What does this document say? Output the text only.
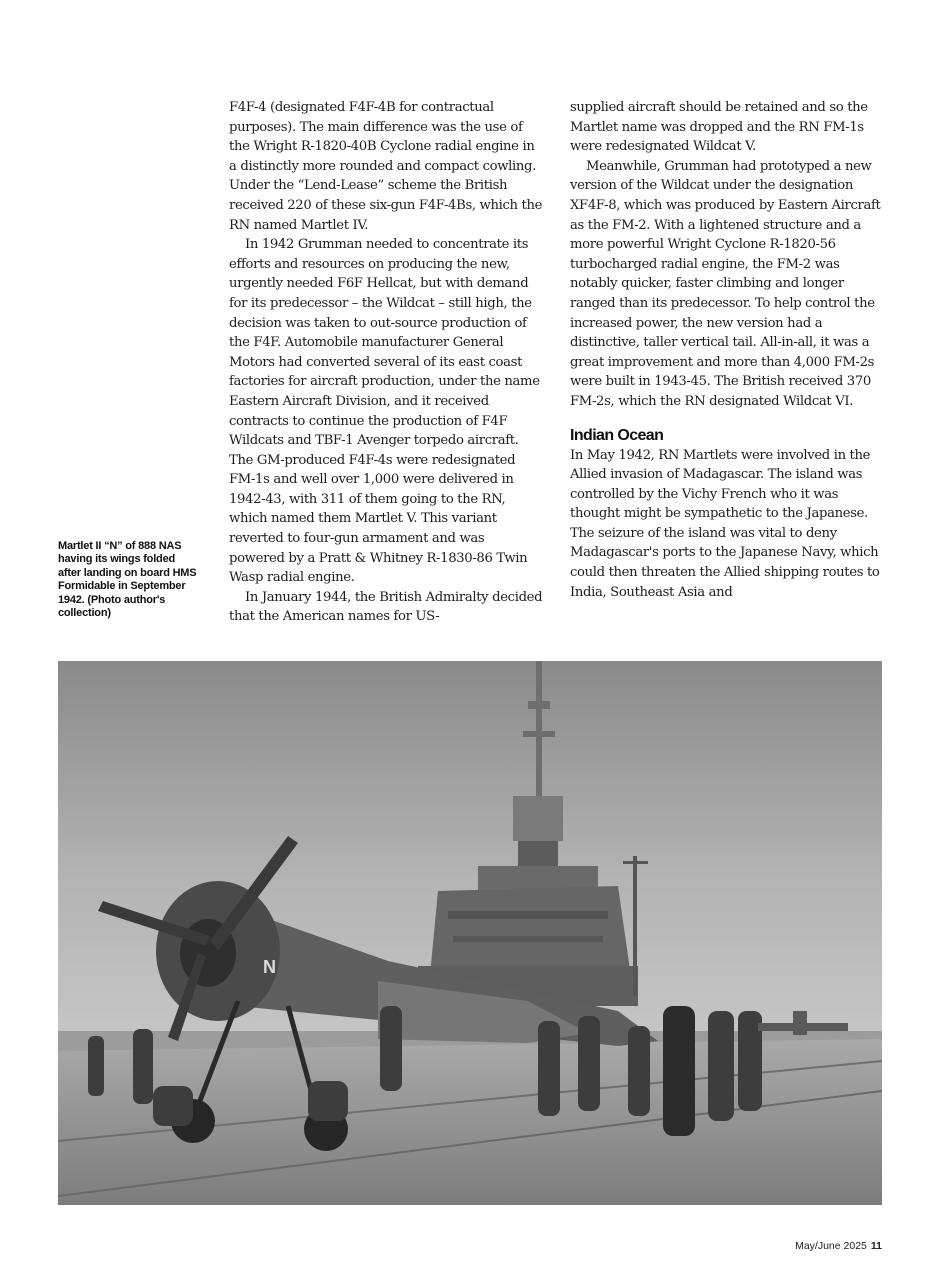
Martlet II “N” of 888 NAS having its wings folded after landing on board HMS Formidable in September 1942. (Photo author's collection)

F4F-4 (designated F4F-4B for contractual purposes). The main difference was the use of the Wright R-1820-40B Cyclone radial engine in a distinctly more rounded and compact cowling. Under the “Lend-Lease” scheme the British received 220 of these six-gun F4F-4Bs, which the RN named Martlet IV.

In 1942 Grumman needed to concentrate its efforts and resources on producing the new, urgently needed F6F Hellcat, but with demand for its predecessor – the Wildcat – still high, the decision was taken to out-source production of the F4F. Automobile manufacturer General Motors had converted several of its east coast factories for aircraft production, under the name Eastern Aircraft Division, and it received contracts to continue the production of F4F Wildcats and TBF-1 Avenger torpedo aircraft. The GM-produced F4F-4s were redesignated FM-1s and well over 1,000 were delivered in 1942-43, with 311 of them going to the RN, which named them Martlet V. This variant reverted to four-gun armament and was powered by a Pratt & Whitney R-1830-86 Twin Wasp radial engine.

In January 1944, the British Admiralty decided that the American names for US-

supplied aircraft should be retained and so the Martlet name was dropped and the RN FM-1s were redesignated Wildcat V.

Meanwhile, Grumman had prototyped a new version of the Wildcat under the designation XF4F-8, which was produced by Eastern Aircraft as the FM-2. With a lightened structure and a more powerful Wright Cyclone R-1820-56 turbocharged radial engine, the FM-2 was notably quicker, faster climbing and longer ranged than its predecessor. To help control the increased power, the new version had a distinctive, taller vertical tail. All-in-all, it was a great improvement and more than 4,000 FM-2s were built in 1943-45. The British received 370 FM-2s, which the RN designated Wildcat VI.

Indian Ocean

In May 1942, RN Martlets were involved in the Allied invasion of Madagascar. The island was controlled by the Vichy French who it was thought might be sympathetic to the Japanese. The seizure of the island was vital to deny Madagascar's ports to the Japanese Navy, which could then threaten the Allied shipping routes to India, Southeast Asia and

N
May/June 2025 11
